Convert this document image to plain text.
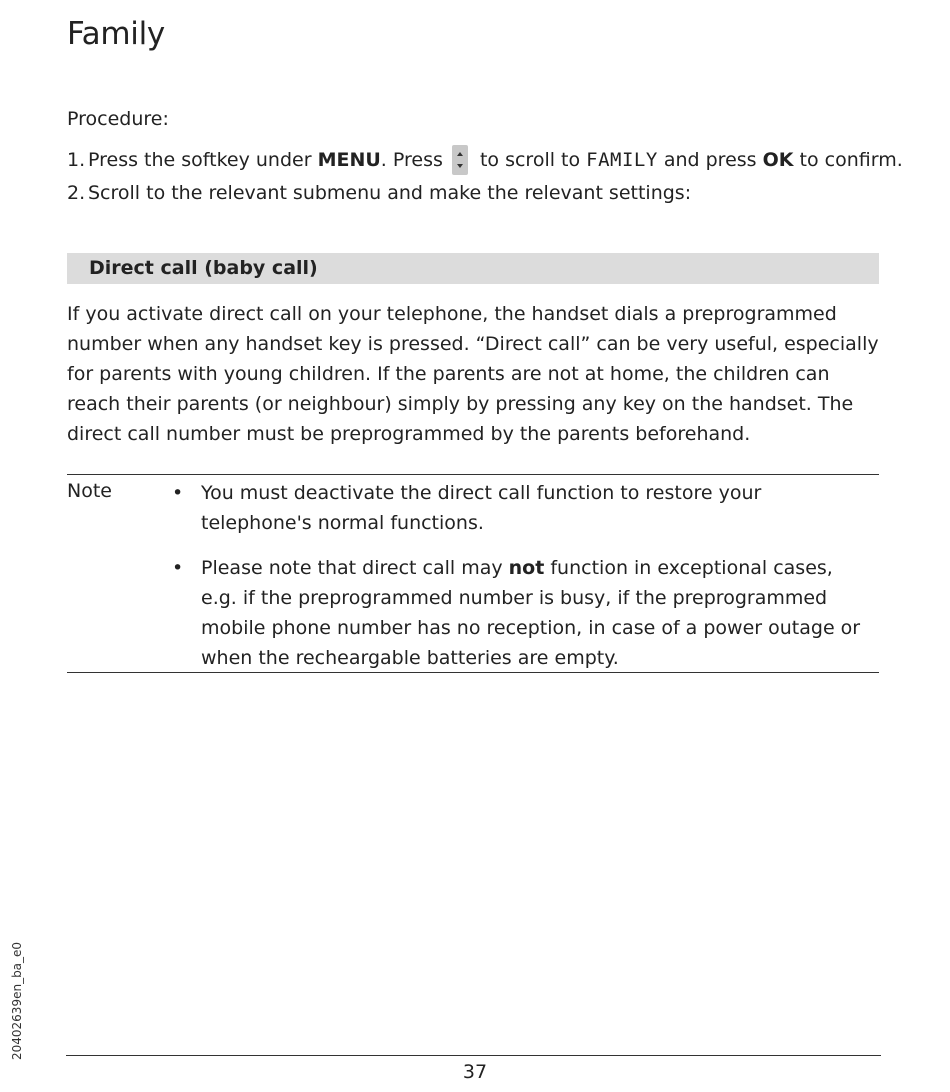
Family
Procedure:
1. Press the softkey under MENU. Press
to scroll to FAMILY and press OK to confirm.
2. Scroll to the relevant submenu and make the relevant settings:
Direct call (baby call)

If you activate direct call on your telephone, the handset dials a preprogrammed number when any handset key is pressed. “Direct call” can be very useful, especially for parents with young children. If the parents are not at home, the children can reach their parents (or neighbour) simply by pressing any key on the handset. The direct call number must be preprogrammed by the parents beforehand.

Note	• You must deactivate the direct call function to restore your telephone's normal functions.
• Please note that direct call may not function in exceptional cases, e.g. if the preprogrammed number is busy, if the preprogrammed mobile phone number has no reception, in case of a power outage or when the recheargable batteries are empty.
20402639en_ba_e0
37
